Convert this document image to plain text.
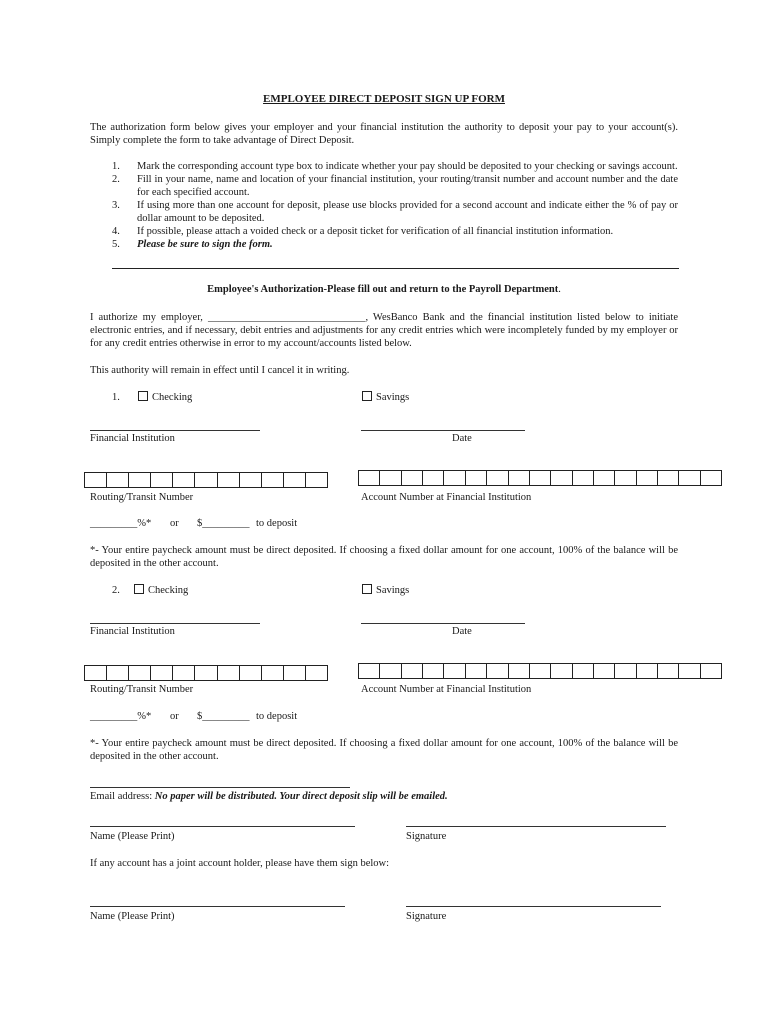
EMPLOYEE DIRECT DEPOSIT SIGN UP FORM
The authorization form below gives your employer and your financial institution the authority to deposit your pay to your account(s). Simply complete the form to take advantage of Direct Deposit.
1.	Mark the corresponding account type box to indicate whether your pay should be deposited to your checking or savings account.
2.	Fill in your name, name and location of your financial institution, your routing/transit number and account number and the date for each specified account.
3.	If using more than one account for deposit, please use blocks provided for a second account and indicate either the % of pay or dollar amount to be deposited.
4.	If possible, please attach a voided check or a deposit ticket for verification of all financial institution information.
5.	Please be sure to sign the form.
Employee's Authorization-Please fill out and return to the Payroll Department.
I authorize my employer, ______________________________, WesBanco Bank and the financial institution listed below to initiate electronic entries, and if necessary, debit entries and adjustments for any credit entries which were incompletely funded by my employer or for any credit entries otherwise in error to my account/accounts listed below.
This authority will remain in effect until I cancel it in writing.
1.	Checking	Savings
Financial Institution	Date
Routing/Transit Number	Account Number at Financial Institution
_________%* or $_________ to deposit
*- Your entire paycheck amount must be direct deposited. If choosing a fixed dollar amount for one account, 100% of the balance will be deposited in the other account.
2.	Checking	Savings
Financial Institution	Date
Routing/Transit Number	Account Number at Financial Institution
_________%* or $_________ to deposit
*- Your entire paycheck amount must be direct deposited. If choosing a fixed dollar amount for one account, 100% of the balance will be deposited in the other account.
Email address: No paper will be distributed. Your direct deposit slip will be emailed.
Name (Please Print)	Signature
If any account has a joint account holder, please have them sign below:
Name (Please Print)	Signature
